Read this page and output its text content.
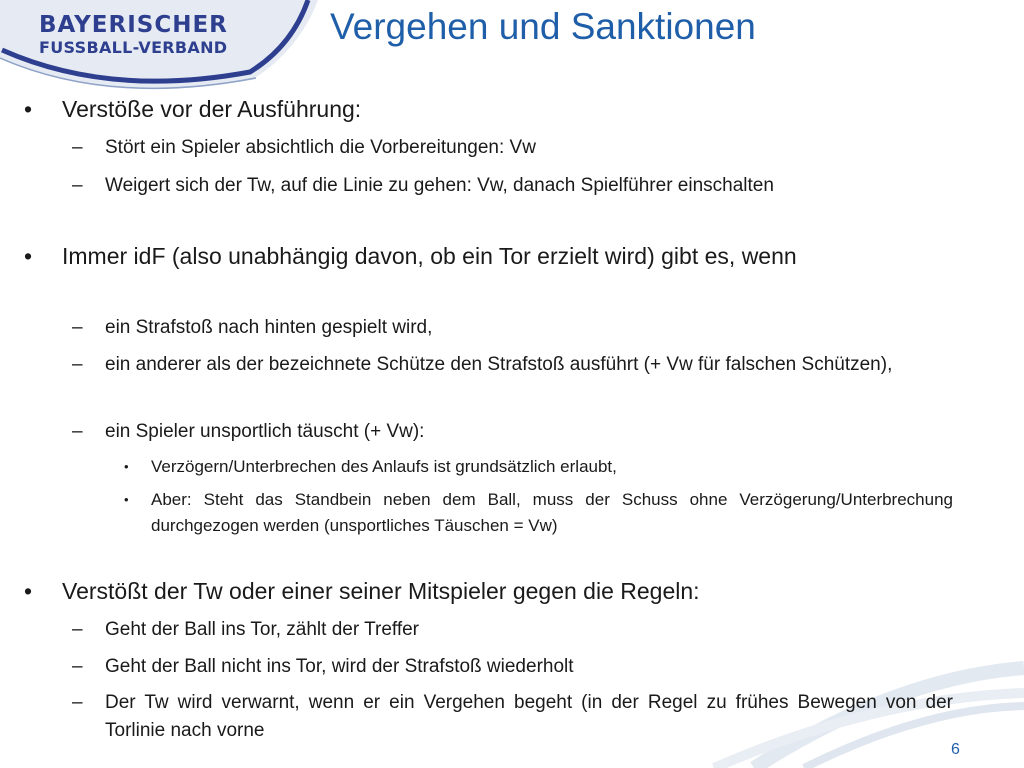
BAYERISCHER
FUSSBALL-VERBAND
Vergehen und Sanktionen
• Verstöße vor der Ausführung:
– Stört ein Spieler absichtlich die Vorbereitungen: Vw
– Weigert sich der Tw, auf die Linie zu gehen: Vw, danach Spielführer einschalten
• Immer idF (also unabhängig davon, ob ein Tor erzielt wird) gibt es, wenn
– ein Strafstoß nach hinten gespielt wird,
– ein anderer als der bezeichnete Schütze den Strafstoß ausführt (+ Vw für falschen Schützen),
– ein Spieler unsportlich täuscht (+ Vw):
• Verzögern/Unterbrechen des Anlaufs ist grundsätzlich erlaubt,
• Aber: Steht das Standbein neben dem Ball, muss der Schuss ohne Verzögerung/Unterbrechung durchgezogen werden (unsportliches Täuschen = Vw)
• Verstößt der Tw oder einer seiner Mitspieler gegen die Regeln:
– Geht der Ball ins Tor, zählt der Treffer
– Geht der Ball nicht ins Tor, wird der Strafstoß wiederholt
– Der Tw wird verwarnt, wenn er ein Vergehen begeht (in der Regel zu frühes Bewegen von der Torlinie nach vorne
6
